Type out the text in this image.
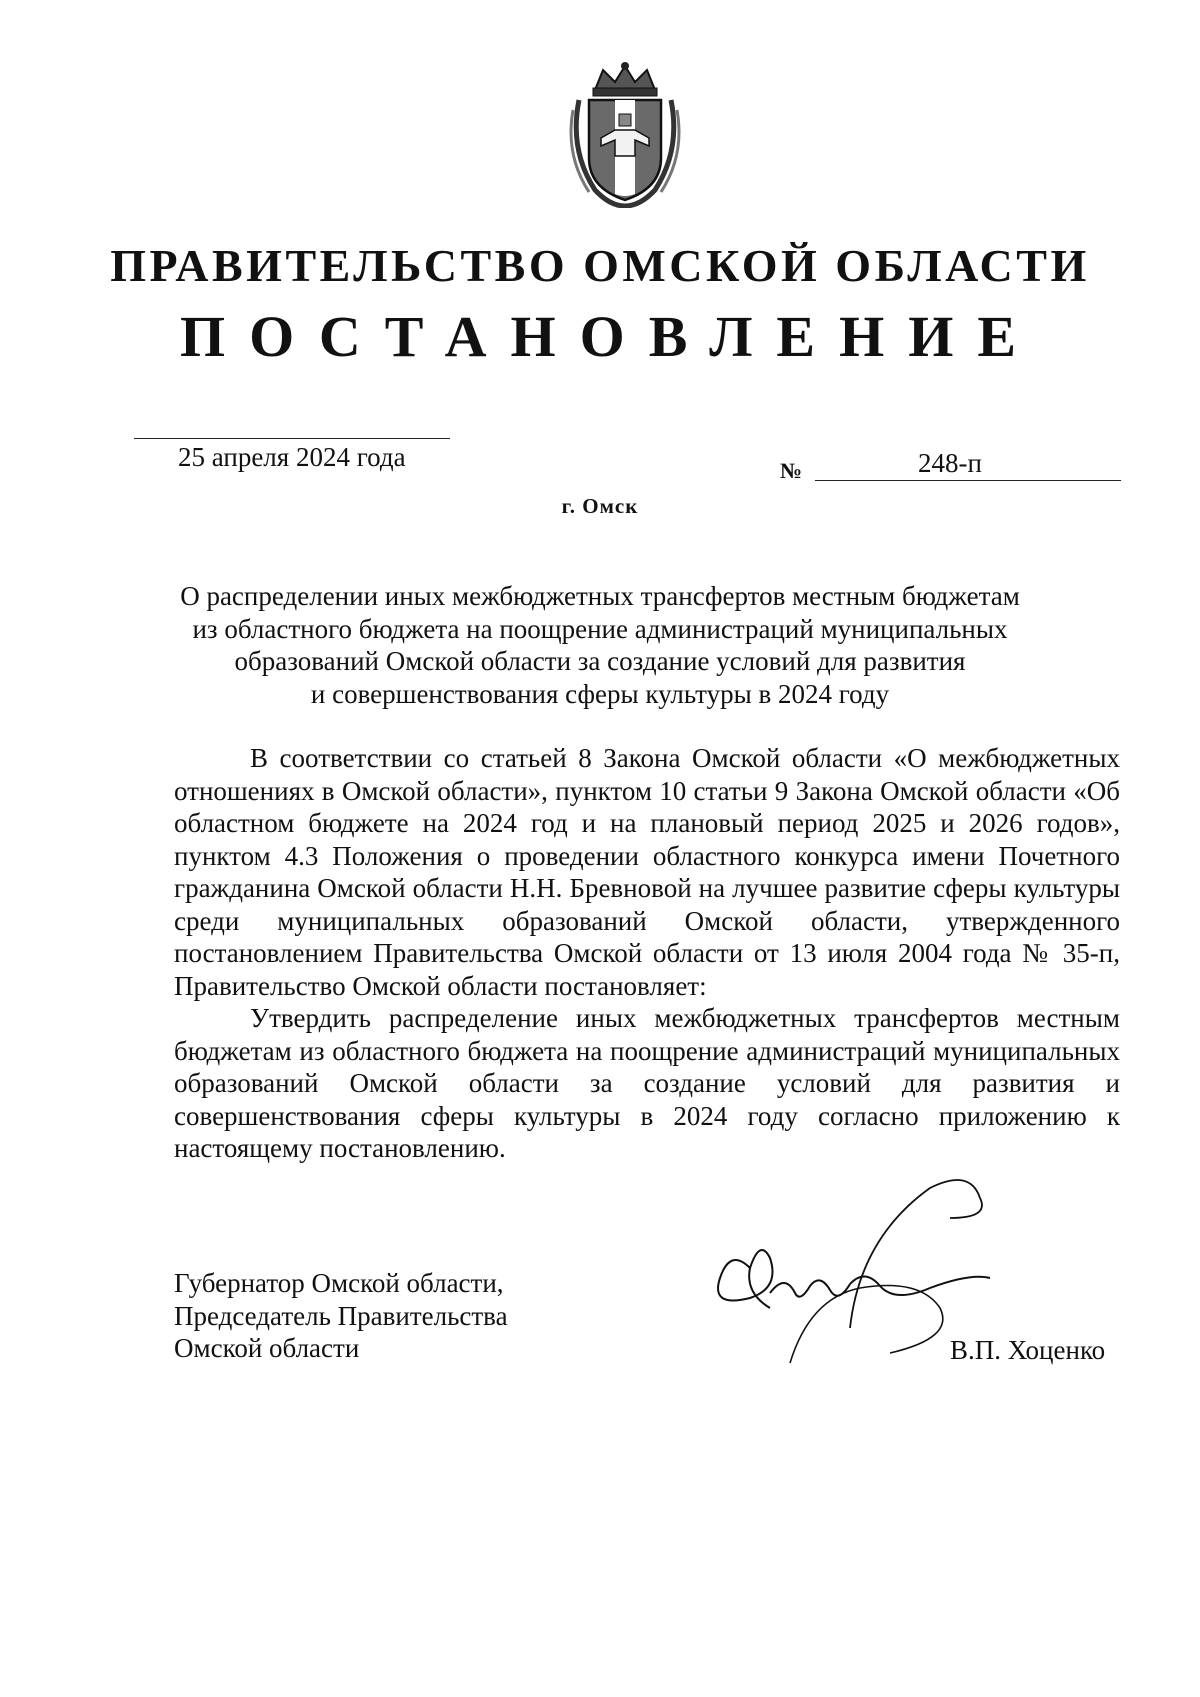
ПРАВИТЕЛЬСТВО ОМСКОЙ ОБЛАСТИ
ПОСТАНОВЛЕНИЕ
25 апреля 2024 года	№	248-п
г. Омск
О распределении иных межбюджетных трансфертов местным бюджетам
из областного бюджета на поощрение администраций муниципальных
образований Омской области за создание условий для развития
и совершенствования сферы культуры в 2024 году

В соответствии со статьей 8 Закона Омской области «О межбюджетных отношениях в Омской области», пунктом 10 статьи 9 Закона Омской области «Об областном бюджете на 2024 год и на плановый период 2025 и 2026 годов», пунктом 4.3 Положения о проведении областного конкурса имени Почетного гражданина Омской области Н.Н. Бревновой на лучшее развитие сферы культуры среди муниципальных образований Омской области, утвержденного постановлением Правительства Омской области от 13 июля 2004 года № 35-п, Правительство Омской области постановляет:

Утвердить распределение иных межбюджетных трансфертов местным бюджетам из областного бюджета на поощрение администраций муниципальных образований Омской области за создание условий для развития и совершенствования сферы культуры в 2024 году согласно приложению к настоящему постановлению.

Губернатор Омской области,
Председатель Правительства
Омской области	В.П. Хоценко
